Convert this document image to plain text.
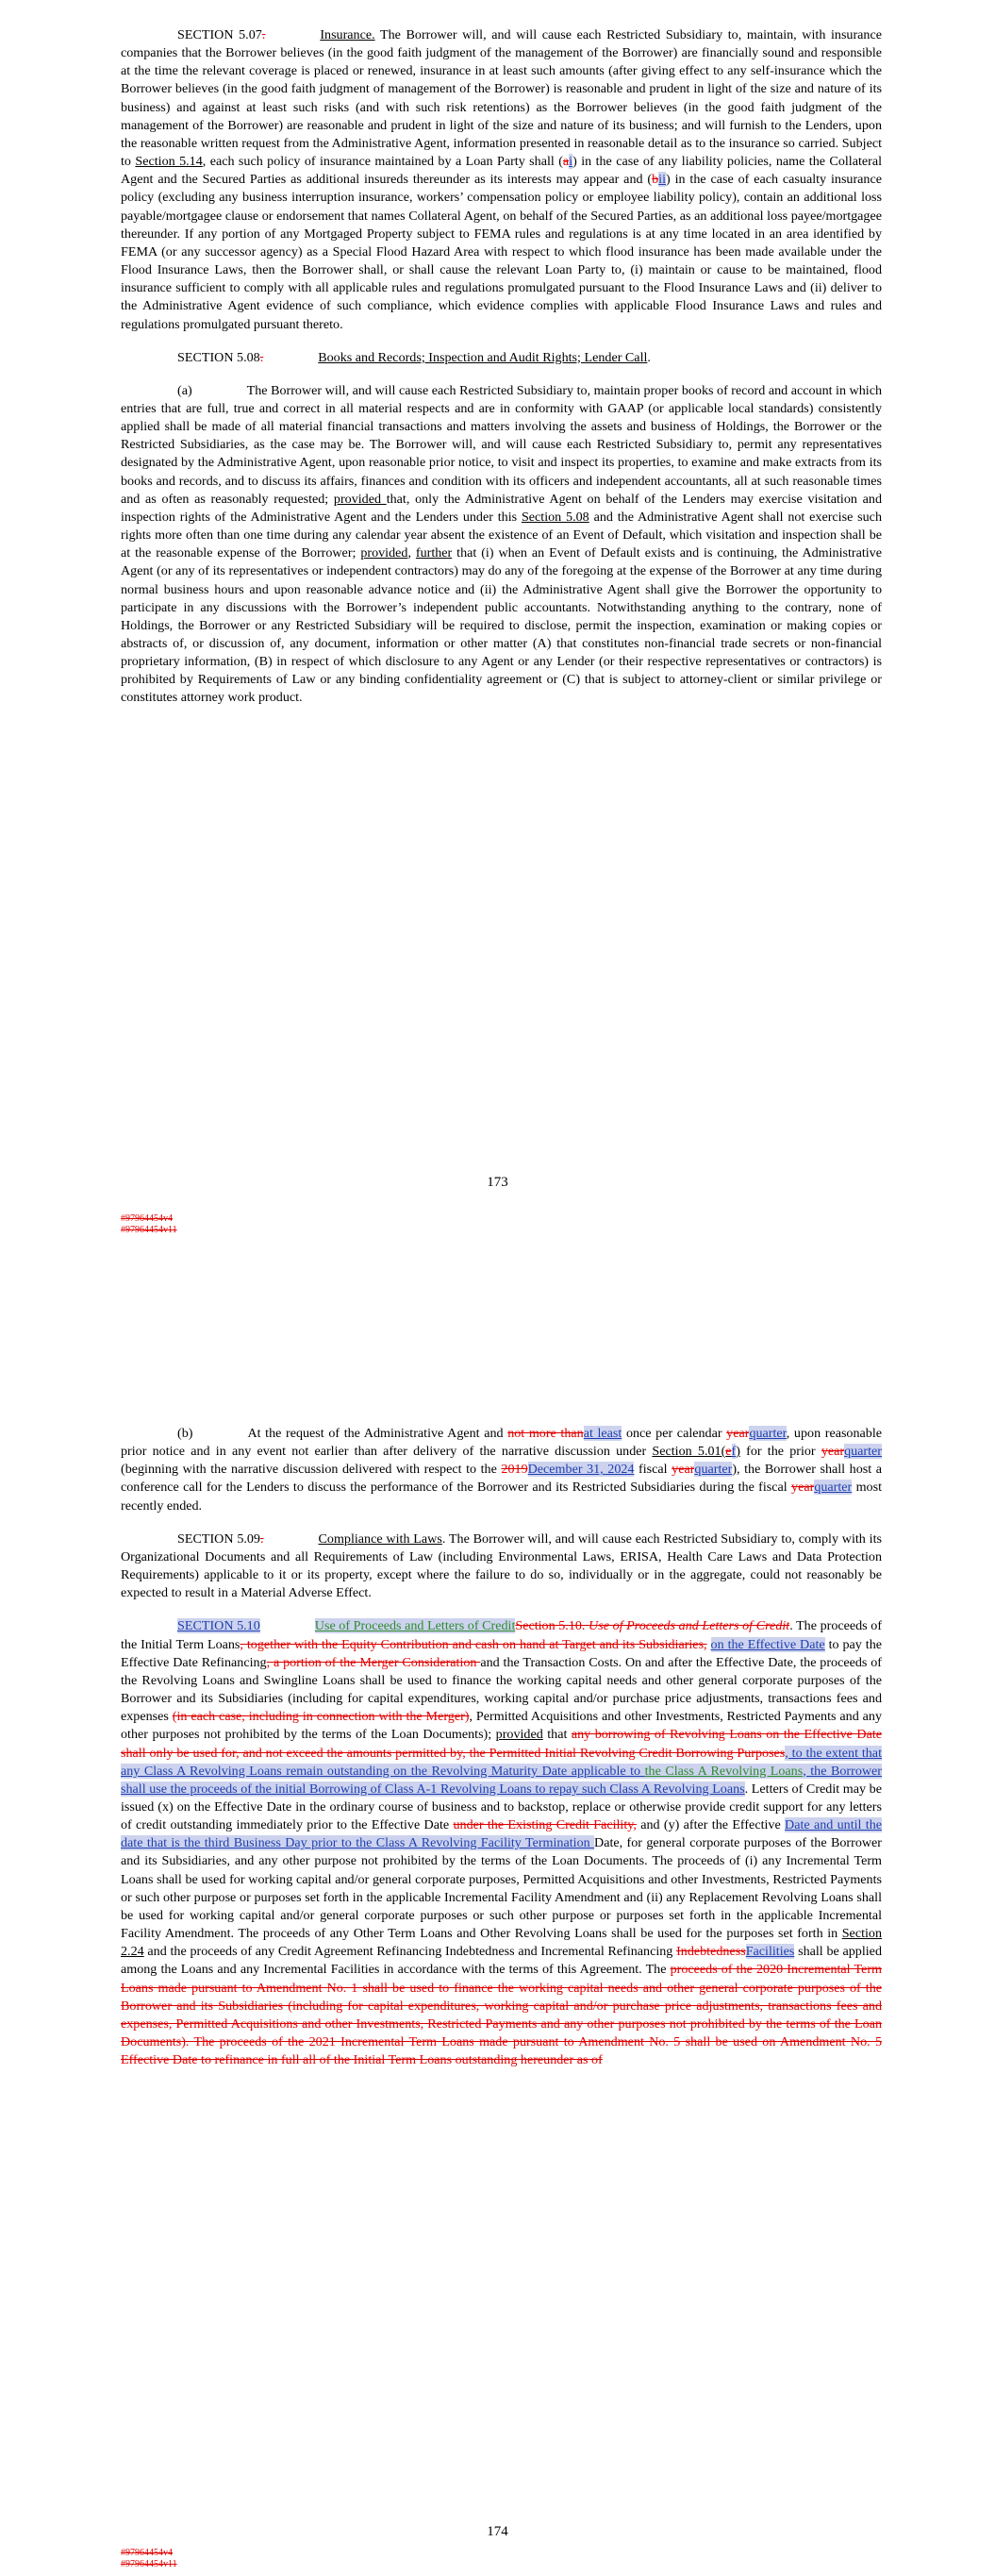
SECTION 5.07.	Insurance. The Borrower will, and will cause each Restricted Subsidiary to, maintain, with insurance companies that the Borrower believes (in the good faith judgment of the management of the Borrower) are financially sound and responsible at the time the relevant coverage is placed or renewed, insurance in at least such amounts (after giving effect to any self-insurance which the Borrower believes (in the good faith judgment of management of the Borrower) is reasonable and prudent in light of the size and nature of its business) and against at least such risks (and with such risk retentions) as the Borrower believes (in the good faith judgment of the management of the Borrower) are reasonable and prudent in light of the size and nature of its business; and will furnish to the Lenders, upon the reasonable written request from the Administrative Agent, information presented in reasonable detail as to the insurance so carried. Subject to Section 5.14, each such policy of insurance maintained by a Loan Party shall (ai) in the case of any liability policies, name the Collateral Agent and the Secured Parties as additional insureds thereunder as its interests may appear and (bii) in the case of each casualty insurance policy (excluding any business interruption insurance, workers’ compensation policy or employee liability policy), contain an additional loss payable/mortgagee clause or endorsement that names Collateral Agent, on behalf of the Secured Parties, as an additional loss payee/mortgagee thereunder. If any portion of any Mortgaged Property subject to FEMA rules and regulations is at any time located in an area identified by FEMA (or any successor agency) as a Special Flood Hazard Area with respect to which flood insurance has been made available under the Flood Insurance Laws, then the Borrower shall, or shall cause the relevant Loan Party to, (i) maintain or cause to be maintained, flood insurance sufficient to comply with all applicable rules and regulations promulgated pursuant to the Flood Insurance Laws and (ii) deliver to the Administrative Agent evidence of such compliance, which evidence complies with applicable Flood Insurance Laws and rules and regulations promulgated pursuant thereto.

SECTION 5.08.	Books and Records; Inspection and Audit Rights; Lender Call.

(a)	The Borrower will, and will cause each Restricted Subsidiary to, maintain proper books of record and account in which entries that are full, true and correct in all material respects and are in conformity with GAAP (or applicable local standards) consistently applied shall be made of all material financial transactions and matters involving the assets and business of Holdings, the Borrower or the Restricted Subsidiaries, as the case may be. The Borrower will, and will cause each Restricted Subsidiary to, permit any representatives designated by the Administrative Agent, upon reasonable prior notice, to visit and inspect its properties, to examine and make extracts from its books and records, and to discuss its affairs, finances and condition with its officers and independent accountants, all at such reasonable times and as often as reasonably requested; provided that, only the Administrative Agent on behalf of the Lenders may exercise visitation and inspection rights of the Administrative Agent and the Lenders under this Section 5.08 and the Administrative Agent shall not exercise such rights more often than one time during any calendar year absent the existence of an Event of Default, which visitation and inspection shall be at the reasonable expense of the Borrower; provided, further that (i) when an Event of Default exists and is continuing, the Administrative Agent (or any of its representatives or independent contractors) may do any of the foregoing at the expense of the Borrower at any time during normal business hours and upon reasonable advance notice and (ii) the Administrative Agent shall give the Borrower the opportunity to participate in any discussions with the Borrower’s independent public accountants. Notwithstanding anything to the contrary, none of Holdings, the Borrower or any Restricted Subsidiary will be required to disclose, permit the inspection, examination or making copies or abstracts of, or discussion of, any document, information or other matter (A) that constitutes non-financial trade secrets or non-financial proprietary information, (B) in respect of which disclosure to any Agent or any Lender (or their respective representatives or contractors) is prohibited by Requirements of Law or any binding confidentiality agreement or (C) that is subject to attorney-client or similar privilege or constitutes attorney work product.

173
#97964454v4
#97964454v11

(b)	At the request of the Administrative Agent and not more thanat least once per calendar yearquarter, upon reasonable prior notice and in any event not earlier than after delivery of the narrative discussion under Section 5.01(ef) for the prior yearquarter (beginning with the narrative discussion delivered with respect to the 2019December 31, 2024 fiscal yearquarter), the Borrower shall host a conference call for the Lenders to discuss the performance of the Borrower and its Restricted Subsidiaries during the fiscal yearquarter most recently ended.

SECTION 5.09.	Compliance with Laws. The Borrower will, and will cause each Restricted Subsidiary to, comply with its Organizational Documents and all Requirements of Law (including Environmental Laws, ERISA, Health Care Laws and Data Protection Requirements) applicable to it or its property, except where the failure to do so, individually or in the aggregate, could not reasonably be expected to result in a Material Adverse Effect.

SECTION 5.10	Use of Proceeds and Letters of CreditSection 5.10. Use of Proceeds and Letters of Credit. The proceeds of the Initial Term Loans, together with the Equity Contribution and cash on hand at Target and its Subsidiaries, on the Effective Date to pay the Effective Date Refinancing, a portion of the Merger Consideration and the Transaction Costs. On and after the Effective Date, the proceeds of the Revolving Loans and Swingline Loans shall be used to finance the working capital needs and other general corporate purposes of the Borrower and its Subsidiaries (including for capital expenditures, working capital and/or purchase price adjustments, transactions fees and expenses (in each case, including in connection with the Merger), Permitted Acquisitions and other Investments, Restricted Payments and any other purposes not prohibited by the terms of the Loan Documents); provided that any borrowing of Revolving Loans on the Effective Date shall only be used for, and not exceed the amounts permitted by, the Permitted Initial Revolving Credit Borrowing Purposes, to the extent that any Class A Revolving Loans remain outstanding on the Revolving Maturity Date applicable to the Class A Revolving Loans, the Borrower shall use the proceeds of the initial Borrowing of Class A-1 Revolving Loans to repay such Class A Revolving Loans. Letters of Credit may be issued (x) on the Effective Date in the ordinary course of business and to backstop, replace or otherwise provide credit support for any letters of credit outstanding immediately prior to the Effective Date under the Existing Credit Facility, and (y) after the Effective Date and until the date that is the third Business Day prior to the Class A Revolving Facility Termination Date, for general corporate purposes of the Borrower and its Subsidiaries, and any other purpose not prohibited by the terms of the Loan Documents. The proceeds of (i) any Incremental Term Loans shall be used for working capital and/or general corporate purposes, Permitted Acquisitions and other Investments, Restricted Payments or such other purpose or purposes set forth in the applicable Incremental Facility Amendment and (ii) any Replacement Revolving Loans shall be used for working capital and/or general corporate purposes or such other purpose or purposes set forth in the applicable Incremental Facility Amendment. The proceeds of any Other Term Loans and Other Revolving Loans shall be used for the purposes set forth in Section 2.24 and the proceeds of any Credit Agreement Refinancing Indebtedness and Incremental Refinancing IndebtednessFacilities shall be applied among the Loans and any Incremental Facilities in accordance with the terms of this Agreement. The proceeds of the 2020 Incremental Term Loans made pursuant to Amendment No. 1 shall be used to finance the working capital needs and other general corporate purposes of the Borrower and its Subsidiaries (including for capital expenditures, working capital and/or purchase price adjustments, transactions fees and expenses, Permitted Acquisitions and other Investments, Restricted Payments and any other purposes not prohibited by the terms of the Loan Documents). The proceeds of the 2021 Incremental Term Loans made pursuant to Amendment No. 5 shall be used on Amendment No. 5 Effective Date to refinance in full all of the Initial Term Loans outstanding hereunder as of

174
#97964454v4
#97964454v11
